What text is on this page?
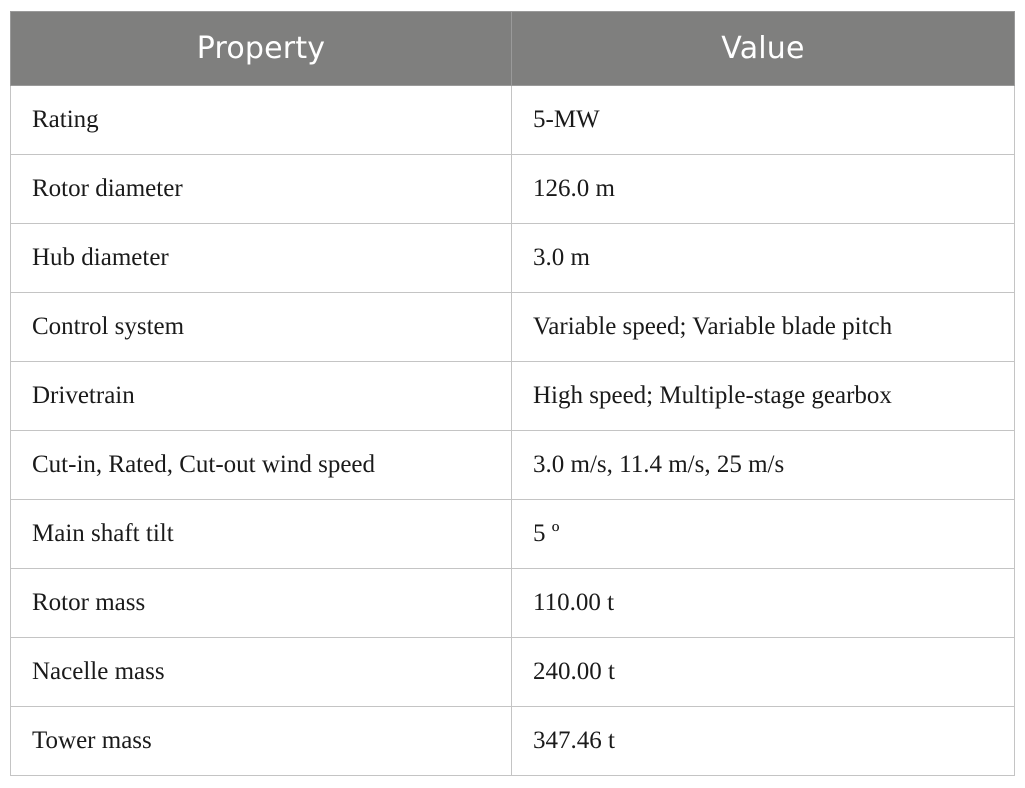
Property	Value
Rating	5-MW
Rotor diameter	126.0 m
Hub diameter	3.0 m
Control system	Variable speed; Variable blade pitch
Drivetrain	High speed; Multiple-stage gearbox
Cut-in, Rated, Cut-out wind speed	3.0 m/s, 11.4 m/s, 25 m/s
Main shaft tilt	5 º
Rotor mass	110.00 t
Nacelle mass	240.00 t
Tower mass	347.46 t
